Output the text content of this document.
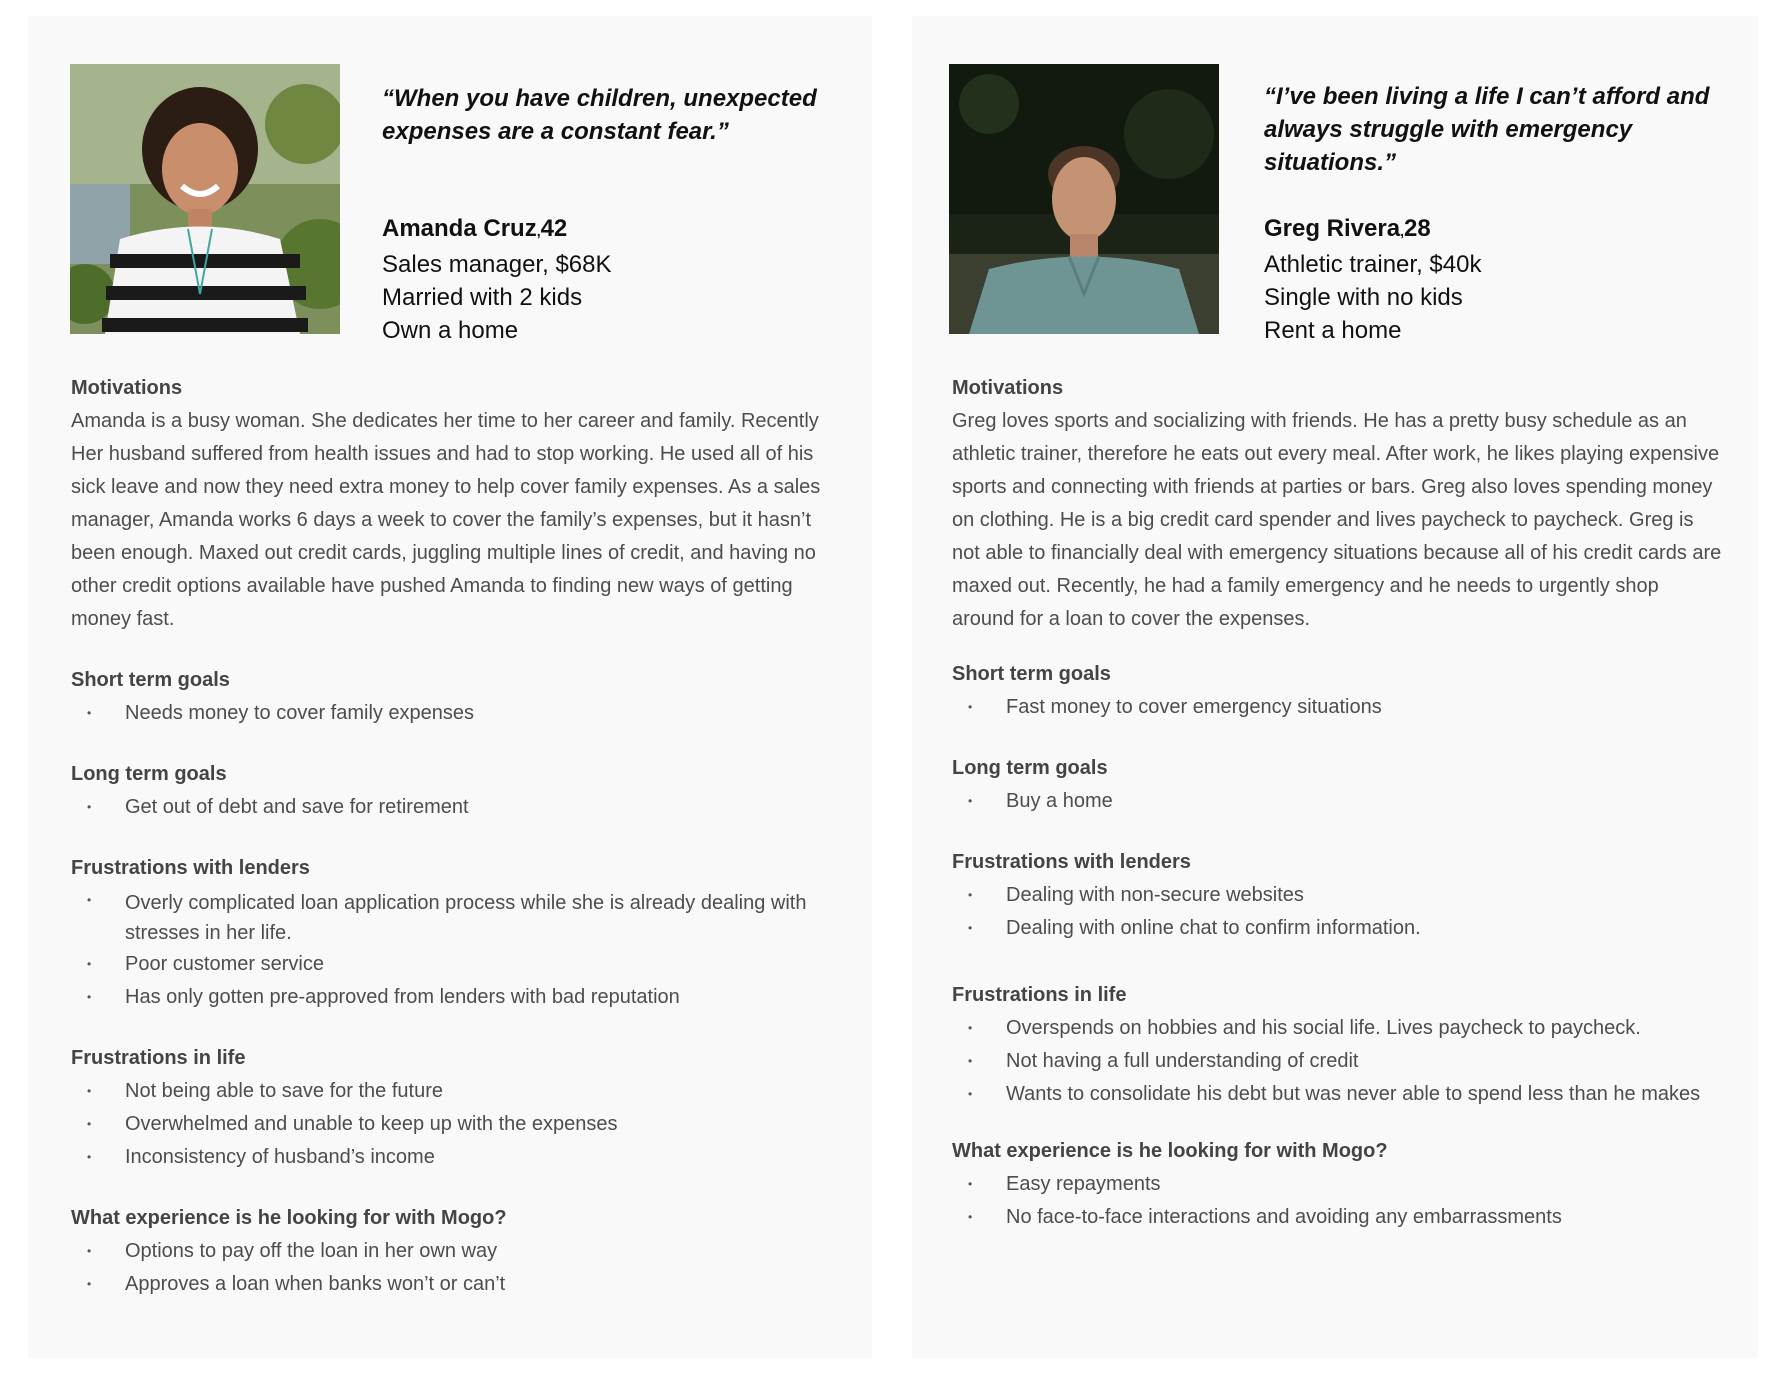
“When you have children, unexpected expenses are a constant fear.”

Amanda Cruz,42
Sales manager, $68K
Married with 2 kids
Own a home
Motivations

Amanda is a busy woman. She dedicates her time to her career and family. Recently Her husband suffered from health issues and had to stop working. He used all of his sick leave and now they need extra money to help cover family expenses. As a sales manager, Amanda works 6 days a week to cover the family’s expenses, but it hasn’t been enough. Maxed out credit cards, juggling multiple lines of credit, and having no other credit options available have pushed Amanda to finding new ways of getting money fast.

Short term goals
• Needs money to cover family expenses
Long term goals
• Get out of debt and save for retirement
Frustrations with lenders
• Overly complicated loan application process while she is already dealing with stresses in her life.
• Poor customer service
• Has only gotten pre-approved from lenders with bad reputation
Frustrations in life
• Not being able to save for the future
• Overwhelmed and unable to keep up with the expenses
• Inconsistency of husband’s income
What experience is he looking for with Mogo?
• Options to pay off the loan in her own way
• Approves a loan when banks won’t or can’t

“I’ve been living a life I can’t afford and always struggle with emergency situations.”

Greg Rivera,28
Athletic trainer, $40k
Single with no kids
Rent a home
Motivations

Greg loves sports and socializing with friends. He has a pretty busy schedule as an athletic trainer, therefore he eats out every meal. After work, he likes playing expensive sports and connecting with friends at parties or bars. Greg also loves spending money on clothing. He is a big credit card spender and lives paycheck to paycheck. Greg is not able to financially deal with emergency situations because all of his credit cards are maxed out. Recently, he had a family emergency and he needs to urgently shop around for a loan to cover the expenses.

Short term goals
• Fast money to cover emergency situations
Long term goals
• Buy a home
Frustrations with lenders
• Dealing with non-secure websites
• Dealing with online chat to confirm information.
Frustrations in life
• Overspends on hobbies and his social life. Lives paycheck to paycheck.
• Not having a full understanding of credit
• Wants to consolidate his debt but was never able to spend less than he makes
What experience is he looking for with Mogo?
• Easy repayments
• No face-to-face interactions and avoiding any embarrassments
